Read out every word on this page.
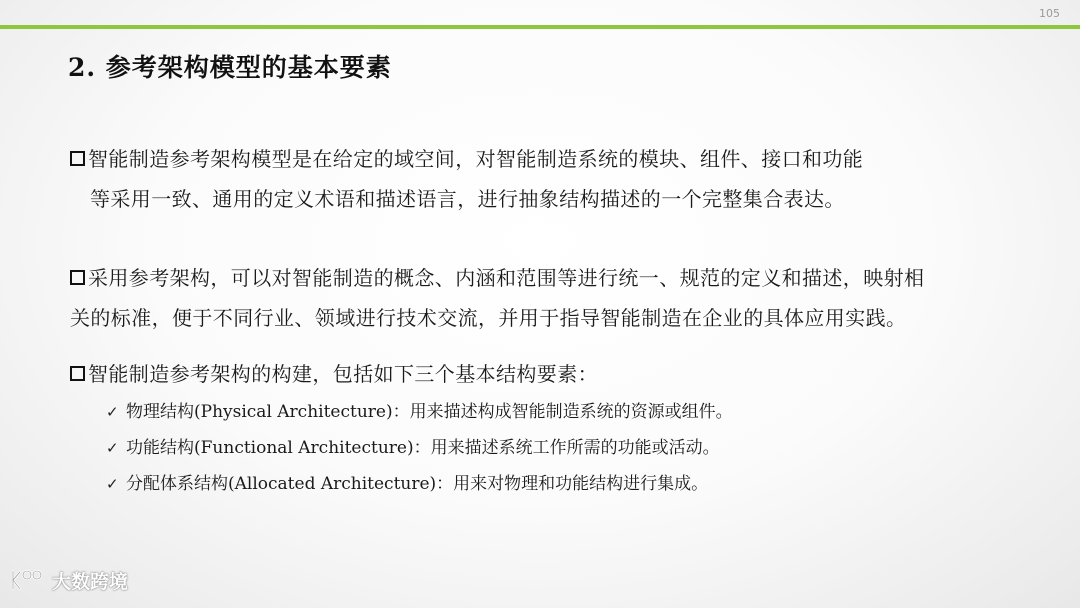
105
2. 参考架构模型的基本要素
智能制造参考架构模型是在给定的域空间，对智能制造系统的模块、组件、接口和功能
等采用一致、通用的定义术语和描述语言，进行抽象结构描述的一个完整集合表达。
采用参考架构，可以对智能制造的概念、内涵和范围等进行统一、规范的定义和描述，映射相
关的标准，便于不同行业、领域进行技术交流，并用于指导智能制造在企业的具体应用实践。
智能制造参考架构的构建，包括如下三个基本结构要素：
✓ 物理结构(Physical Architecture)：用来描述构成智能制造系统的资源或组件。
✓ 功能结构(Functional Architecture)：用来描述系统工作所需的功能或活动。
✓ 分配体系结构(Allocated Architecture)：用来对物理和功能结构进行集成。
大数跨境
